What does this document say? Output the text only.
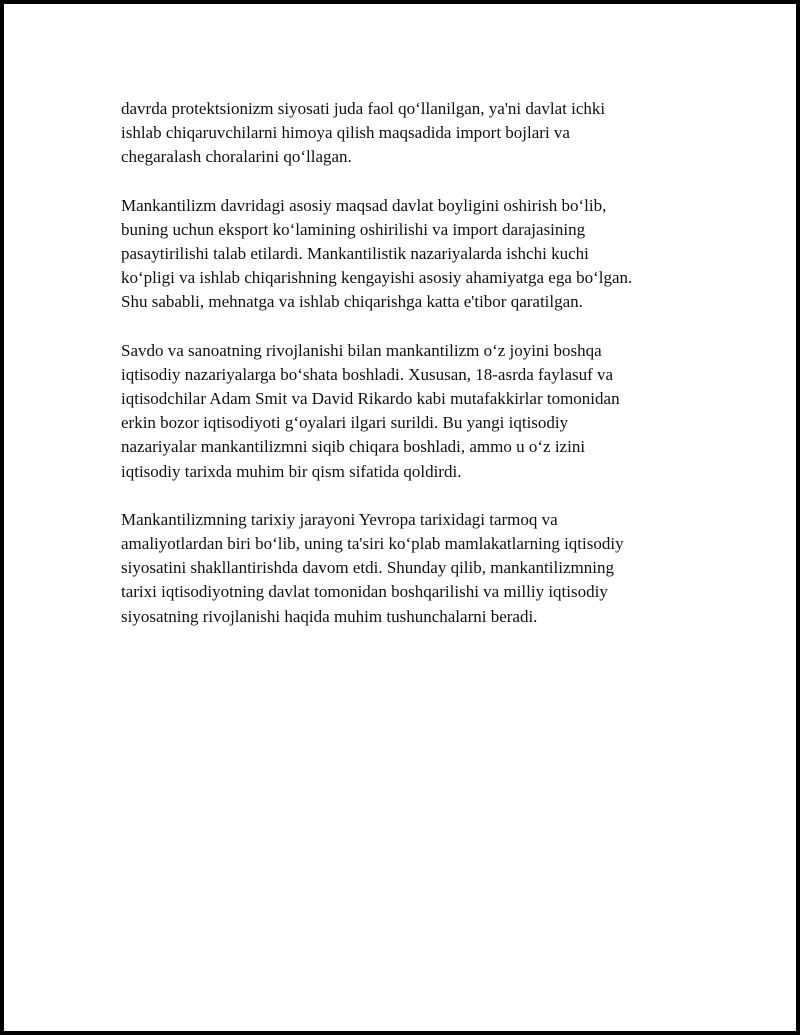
davrda protektsionizm siyosati juda faol qo‘llanilgan, ya'ni davlat ichki
ishlab chiqaruvchilarni himoya qilish maqsadida import bojlari va
chegaralash choralarini qo‘llagan.

Mankantilizm davridagi asosiy maqsad davlat boyligini oshirish bo‘lib,
buning uchun eksport ko‘lamining oshirilishi va import darajasining
pasaytirilishi talab etilardi. Mankantilistik nazariyalarda ishchi kuchi
ko‘pligi va ishlab chiqarishning kengayishi asosiy ahamiyatga ega bo‘lgan.
Shu sababli, mehnatga va ishlab chiqarishga katta e'tibor qaratilgan.

Savdo va sanoatning rivojlanishi bilan mankantilizm o‘z joyini boshqa
iqtisodiy nazariyalarga bo‘shata boshladi. Xususan, 18-asrda faylasuf va
iqtisodchilar Adam Smit va David Rikardo kabi mutafakkirlar tomonidan
erkin bozor iqtisodiyoti g‘oyalari ilgari surildi. Bu yangi iqtisodiy
nazariyalar mankantilizmni siqib chiqara boshladi, ammo u o‘z izini
iqtisodiy tarixda muhim bir qism sifatida qoldirdi.

Mankantilizmning tarixiy jarayoni Yevropa tarixidagi tarmoq va
amaliyotlardan biri bo‘lib, uning ta'siri ko‘plab mamlakatlarning iqtisodiy
siyosatini shakllantirishda davom etdi. Shunday qilib, mankantilizmning
tarixi iqtisodiyotning davlat tomonidan boshqarilishi va milliy iqtisodiy
siyosatning rivojlanishi haqida muhim tushunchalarni beradi.
